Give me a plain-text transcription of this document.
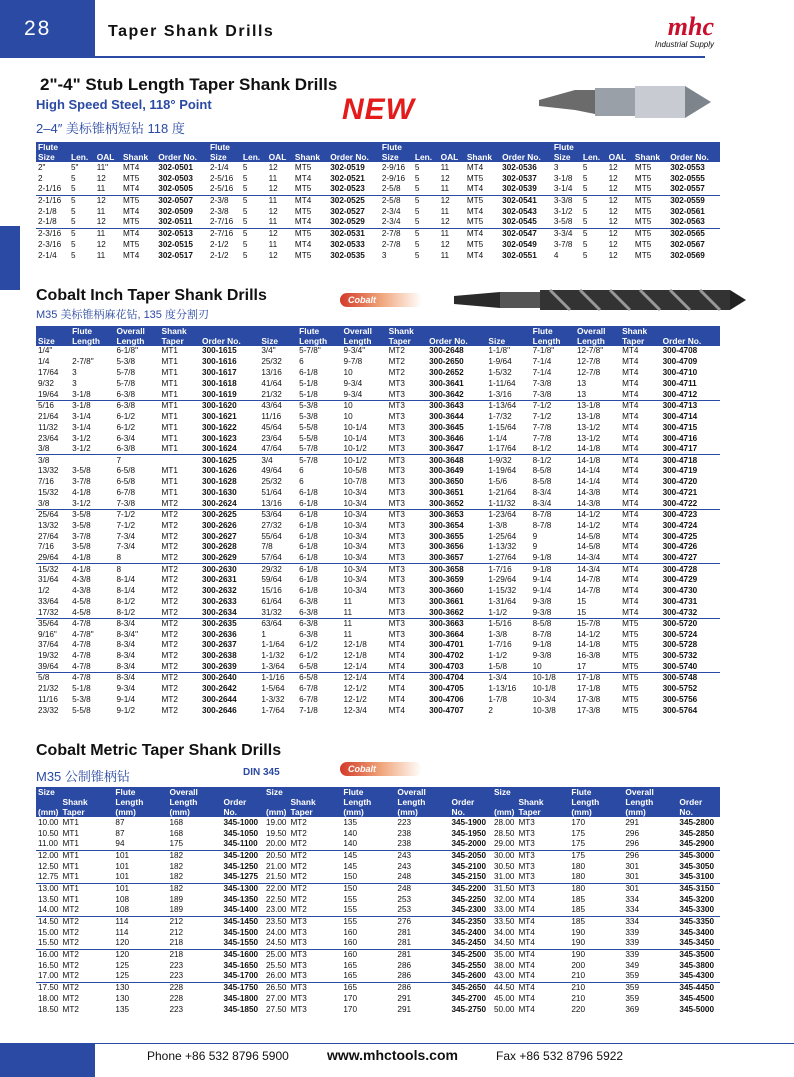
28	Taper Shank Drills	mhc
Industrial Supply
2"-4" Stub Length Taper Shank Drills
High Speed Steel, 118° Point
2–4″ 美标锥柄短钻 118 度
NEW
Flute					Flute					Flute					Flute				
Size	Len.	OAL	Shank	Order No.	Size	Len.	OAL	Shank	Order No.	Size	Len.	OAL	Shank	Order No.	Size	Len.	OAL	Shank	Order No.
2"	5"	11"	MT4	302-0501	2-1/4	5	12	MT5	302-0519	2-9/16	5	11	MT4	302-0536	3	5	12	MT5	302-0553
2	5	12	MT5	302-0503	2-5/16	5	11	MT4	302-0521	2-9/16	5	12	MT5	302-0537	3-1/8	5	12	MT5	302-0555
2-1/16	5	11	MT4	302-0505	2-5/16	5	12	MT5	302-0523	2-5/8	5	11	MT4	302-0539	3-1/4	5	12	MT5	302-0557
2-1/16	5	12	MT5	302-0507	2-3/8	5	11	MT4	302-0525	2-5/8	5	12	MT5	302-0541	3-3/8	5	12	MT5	302-0559
2-1/8	5	11	MT4	302-0509	2-3/8	5	12	MT5	302-0527	2-3/4	5	11	MT4	302-0543	3-1/2	5	12	MT5	302-0561
2-1/8	5	12	MT5	302-0511	2-7/16	5	11	MT4	302-0529	2-3/4	5	12	MT5	302-0545	3-5/8	5	12	MT5	302-0563
2-3/16	5	11	MT4	302-0513	2-7/16	5	12	MT5	302-0531	2-7/8	5	11	MT4	302-0547	3-3/4	5	12	MT5	302-0565
2-3/16	5	12	MT5	302-0515	2-1/2	5	11	MT4	302-0533	2-7/8	5	12	MT5	302-0549	3-7/8	5	12	MT5	302-0567
2-1/4	5	11	MT4	302-0517	2-1/2	5	12	MT5	302-0535	3	5	11	MT4	302-0551	4	5	12	MT5	302-0569
Cobalt Inch Taper Shank Drills
M35 美标锥柄麻花钻, 135 度分割刃
Cobalt
	Flute	Overall	Shank			Flute	Overall	Shank			Flute	Overall	Shank	
Size	Length	Length	Taper	Order No.	Size	Length	Length	Taper	Order No.	Size	Length	Length	Taper	Order No.
1/4"		6-1/8"	MT1	300-1615	3/4"	5-7/8"	9-3/4"	MT2	300-2648	1-1/8"	7-1/8"	12-7/8"	MT4	300-4708
1/4	2-7/8"	5-3/8	MT1	300-1616	25/32	6	9-7/8	MT2	300-2650	1-9/64	7-1/4	12-7/8	MT4	300-4709
17/64	3	5-7/8	MT1	300-1617	13/16	6-1/8	10	MT2	300-2652	1-5/32	7-1/4	12-7/8	MT4	300-4710
9/32	3	5-7/8	MT1	300-1618	41/64	5-1/8	9-3/4	MT3	300-3641	1-11/64	7-3/8	13	MT4	300-4711
19/64	3-1/8	6-3/8	MT1	300-1619	21/32	5-1/8	9-3/4	MT3	300-3642	1-3/16	7-3/8	13	MT4	300-4712
5/16	3-1/8	6-3/8	MT1	300-1620	43/64	5-3/8	10	MT3	300-3643	1-13/64	7-1/2	13-1/8	MT4	300-4713
21/64	3-1/4	6-1/2	MT1	300-1621	11/16	5-3/8	10	MT3	300-3644	1-7/32	7-1/2	13-1/8	MT4	300-4714
11/32	3-1/4	6-1/2	MT1	300-1622	45/64	5-5/8	10-1/4	MT3	300-3645	1-15/64	7-7/8	13-1/2	MT4	300-4715
23/64	3-1/2	6-3/4	MT1	300-1623	23/64	5-5/8	10-1/4	MT3	300-3646	1-1/4	7-7/8	13-1/2	MT4	300-4716
3/8	3-1/2	6-3/8	MT1	300-1624	47/64	5-7/8	10-1/2	MT3	300-3647	1-17/64	8-1/2	14-1/8	MT4	300-4717
3/8		7		300-1625	3/4	5-7/8	10-1/2	MT3	300-3648	1-9/32	8-1/2	14-1/8	MT4	300-4718
13/32	3-5/8	6-5/8	MT1	300-1626	49/64	6	10-5/8	MT3	300-3649	1-19/64	8-5/8	14-1/4	MT4	300-4719
7/16	3-7/8	6-5/8	MT1	300-1628	25/32	6	10-7/8	MT3	300-3650	1-5/6	8-5/8	14-1/4	MT4	300-4720
15/32	4-1/8	6-7/8	MT1	300-1630	51/64	6-1/8	10-3/4	MT3	300-3651	1-21/64	8-3/4	14-3/8	MT4	300-4721
3/8	3-1/2	7-3/8	MT2	300-2624	13/16	6-1/8	10-3/4	MT3	300-3652	1-11/32	8-3/4	14-3/8	MT4	300-4722
25/64	3-5/8	7-1/2	MT2	300-2625	53/64	6-1/8	10-3/4	MT3	300-3653	1-23/64	8-7/8	14-1/2	MT4	300-4723
13/32	3-5/8	7-1/2	MT2	300-2626	27/32	6-1/8	10-3/4	MT3	300-3654	1-3/8	8-7/8	14-1/2	MT4	300-4724
27/64	3-7/8	7-3/4	MT2	300-2627	55/64	6-1/8	10-3/4	MT3	300-3655	1-25/64	9	14-5/8	MT4	300-4725
7/16	3-5/8	7-3/4	MT2	300-2628	7/8	6-1/8	10-3/4	MT3	300-3656	1-13/32	9	14-5/8	MT4	300-4726
29/64	4-1/8	8	MT2	300-2629	57/64	6-1/8	10-3/4	MT3	300-3657	1-27/64	9-1/8	14-3/4	MT4	300-4727
15/32	4-1/8	8	MT2	300-2630	29/32	6-1/8	10-3/4	MT3	300-3658	1-7/16	9-1/8	14-3/4	MT4	300-4728
31/64	4-3/8	8-1/4	MT2	300-2631	59/64	6-1/8	10-3/4	MT3	300-3659	1-29/64	9-1/4	14-7/8	MT4	300-4729
1/2	4-3/8	8-1/4	MT2	300-2632	15/16	6-1/8	10-3/4	MT3	300-3660	1-15/32	9-1/4	14-7/8	MT4	300-4730
33/64	4-5/8	8-1/2	MT2	300-2633	61/64	6-3/8	11	MT3	300-3661	1-31/64	9-3/8	15	MT4	300-4731
17/32	4-5/8	8-1/2	MT2	300-2634	31/32	6-3/8	11	MT3	300-3662	1-1/2	9-3/8	15	MT4	300-4732
35/64	4-7/8	8-3/4	MT2	300-2635	63/64	6-3/8	11	MT3	300-3663	1-5/16	8-5/8	15-7/8	MT5	300-5720
9/16"	4-7/8"	8-3/4"	MT2	300-2636	1	6-3/8	11	MT3	300-3664	1-3/8	8-7/8	14-1/2	MT5	300-5724
37/64	4-7/8	8-3/4	MT2	300-2637	1-1/64	6-1/2	12-1/8	MT4	300-4701	1-7/16	9-1/8	14-1/8	MT5	300-5728
19/32	4-7/8	8-3/4	MT2	300-2638	1-1/32	6-1/2	12-1/8	MT4	300-4702	1-1/2	9-3/8	16-3/8	MT5	300-5732
39/64	4-7/8	8-3/4	MT2	300-2639	1-3/64	6-5/8	12-1/4	MT4	300-4703	1-5/8	10	17	MT5	300-5740
5/8	4-7/8	8-3/4	MT2	300-2640	1-1/16	6-5/8	12-1/4	MT4	300-4704	1-3/4	10-1/8	17-1/8	MT5	300-5748
21/32	5-1/8	9-3/4	MT2	300-2642	1-5/64	6-7/8	12-1/2	MT4	300-4705	1-13/16	10-1/8	17-1/8	MT5	300-5752
11/16	5-3/8	9-1/4	MT2	300-2644	1-3/32	6-7/8	12-1/2	MT4	300-4706	1-7/8	10-3/4	17-3/8	MT5	300-5756
23/32	5-5/8	9-1/2	MT2	300-2646	1-7/64	7-1/8	12-3/4	MT4	300-4707	2	10-3/8	17-3/8	MT5	300-5764
Cobalt Metric Taper Shank Drills
M35 公制锥柄钻	DIN 345	Cobalt
Size		Flute	Overall		Size		Flute	Overall		Size		Flute	Overall	
(mm)	Shank Taper	Length (mm)	Length (mm)	Order No.	(mm)	Shank Taper	Length (mm)	Length (mm)	Order No.	(mm)	Shank Taper	Length (mm)	Length (mm)	Order No.
10.00	MT1	87	168	345-1000	19.00	MT2	135	223	345-1900	28.00	MT3	170	291	345-2800
10.50	MT1	87	168	345-1050	19.50	MT2	140	238	345-1950	28.50	MT3	175	296	345-2850
11.00	MT1	94	175	345-1100	20.00	MT2	140	238	345-2000	29.00	MT3	175	296	345-2900
12.00	MT1	101	182	345-1200	20.50	MT2	145	243	345-2050	30.00	MT3	175	296	345-3000
12.50	MT1	101	182	345-1250	21.00	MT2	145	243	345-2100	30.50	MT3	180	301	345-3050
12.75	MT1	101	182	345-1275	21.50	MT2	150	248	345-2150	31.00	MT3	180	301	345-3100
13.00	MT1	101	182	345-1300	22.00	MT2	150	248	345-2200	31.50	MT3	180	301	345-3150
13.50	MT1	108	189	345-1350	22.50	MT2	155	253	345-2250	32.00	MT4	185	334	345-3200
14.00	MT2	108	189	345-1400	23.00	MT2	155	253	345-2300	33.00	MT4	185	334	345-3300
14.50	MT2	114	212	345-1450	23.50	MT3	155	276	345-2350	33.50	MT4	185	334	345-3350
15.00	MT2	114	212	345-1500	24.00	MT3	160	281	345-2400	34.00	MT4	190	339	345-3400
15.50	MT2	120	218	345-1550	24.50	MT3	160	281	345-2450	34.50	MT4	190	339	345-3450
16.00	MT2	120	218	345-1600	25.00	MT3	160	281	345-2500	35.00	MT4	190	339	345-3500
16.50	MT2	125	223	345-1650	25.50	MT3	165	286	345-2550	38.00	MT4	200	349	345-3800
17.00	MT2	125	223	345-1700	26.00	MT3	165	286	345-2600	43.00	MT4	210	359	345-4300
17.50	MT2	130	228	345-1750	26.50	MT3	165	286	345-2650	44.50	MT4	210	359	345-4450
18.00	MT2	130	228	345-1800	27.00	MT3	170	291	345-2700	45.00	MT4	210	359	345-4500
18.50	MT2	135	223	345-1850	27.50	MT3	170	291	345-2750	50.00	MT4	220	369	345-5000
Phone +86 532 8796 5900	www.mhctools.com	Fax +86 532 8796 5922
